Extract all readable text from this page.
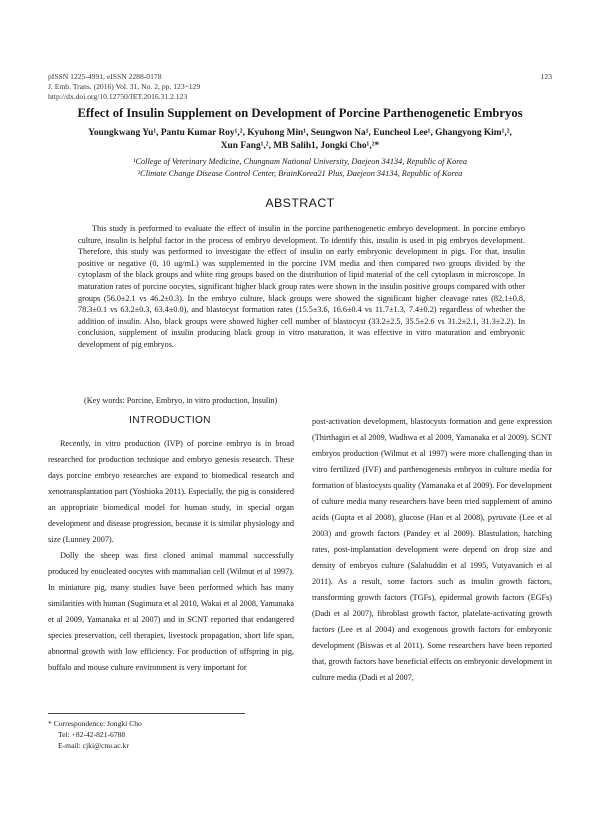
pISSN 1225-4991, eISSN 2288-0178
J. Emb. Trans. (2016) Vol. 31, No. 2, pp. 123~129
http://dx.doi.org/10.12750/JET.2016.31.2.123
123
Effect of Insulin Supplement on Development of Porcine Parthenogenetic Embryos
Youngkwang Yu¹, Pantu Kumar Roy¹,², Kyuhong Min¹, Seungwon Na¹, Euncheol Lee¹, Ghangyong Kim¹,²,
Xun Fang¹,², MB Salih1, Jongki Cho¹,²*
¹College of Veterinary Medicine, Chungnam National University, Daejeon 34134, Republic of Korea
²Climate Change Disease Control Center, BrainKorea21 Plus, Daejeon 34134, Republic of Korea
ABSTRACT
This study is performed to evaluate the effect of insulin in the porcine parthenogenetic embryo development. In porcine embryo culture, insulin is helpful factor in the process of embryo development. To identify this, insulin is used in pig embryos development. Therefore, this study was performed to investigate the effect of insulin on early embryonic development in pigs. For that, insulin positive or negative (0, 10 ug/mL) was supplemented in the porcine IVM media and then compared two groups divided by the cytoplasm of the black groups and white ring groups based on the distribution of lipid material of the cell cytoplasm in microscope. In maturation rates of porcine oocytes, significant higher black group rates were shown in the insulin positive groups compared with other groups (56.0±2.1 vs 46.2±0.3). In the embryo culture, black groups were showed the significant higher cleavage rates (82.1±0.8, 78.3±0.1 vs 63.2±0.3, 63.4±0.0), and blastocyst formation rates (15.5±3.6, 16.6±0.4 vs 11.7±1.3, 7.4±0.2) regardless of whether the addition of insulin. Also, black groups were showed higher cell number of blastocyst (33.2±2.5, 35.5±2.6 vs 31.2±2.1, 31.3±2.2). In conclusion, supplement of insulin producing black group in vitro maturation, it was effective in vitro maturation and embryonic development of pig embryos.
(Key words: Porcine, Embryo, in vitro production, Insulin)
INTRODUCTION

Recently, in vitro production (IVP) of porcine embryo is in broad researched for production technique and embryo genesis research. These days porcine embryo researches are expand to biomedical research and xenotransplantation part (Yoshioka 2011). Especially, the pig is considered an appropriate biomedical model for human study, in special organ development and disease progression, because it is similar physiology and size (Lunney 2007).

Dolly the sheep was first cloned animal mammal successfully produced by enucleated oocytes with mammalian cell (Wilmut et al 1997). In miniature pig, many studies have been performed which has many similarities with human (Sugimura et al 2010, Wakai et al 2008, Yamanaka et al 2009, Yamanaka et al 2007) and in SCNT reported that endangered species preservation, cell therapies, livestock propagation, short life span, abnormal growth with low efficiency. For production of offspring in pig, buffalo and mouse culture environment is very important for

post-activation development, blastocysts formation and gene expression (Thirthagiri et al 2009, Wadhwa et al 2009, Yamanaka et al 2009). SCNT embryos production (Wilmut et al 1997) were more challenging than in vitro fertilized (IVF) and parthenogenesis embryos in culture media for formation of blastocysts quality (Yamanaka et al 2009). For development of culture media many researchers have been tried supplement of amino acids (Gupta et al 2008), glucose (Han et al 2008), pyruvate (Lee et al 2003) and growth factors (Pandey et al 2009). Blastulation, hatching rates, post-implantation development were depend on drop size and density of embryos culture (Salahuddin et al 1995, Vutyavanich et al 2011). As a result, some factors such as insulin growth factors, transforming growth factors (TGFs), epidermal growth factors (EGFs) (Dadi et al 2007), fibroblast growth factor, platelate-activating growth factors (Lee et al 2004) and exogenous growth factors for embryonic development (Biswas et al 2011). Some researchers have been reported that, growth factors have beneficial effects on embryonic development in culture media (Dadi et al 2007,

* Correspondence: Jongki Cho
Tel: +82-42-821-6788
E-mail: cjki@cnu.ac.kr
